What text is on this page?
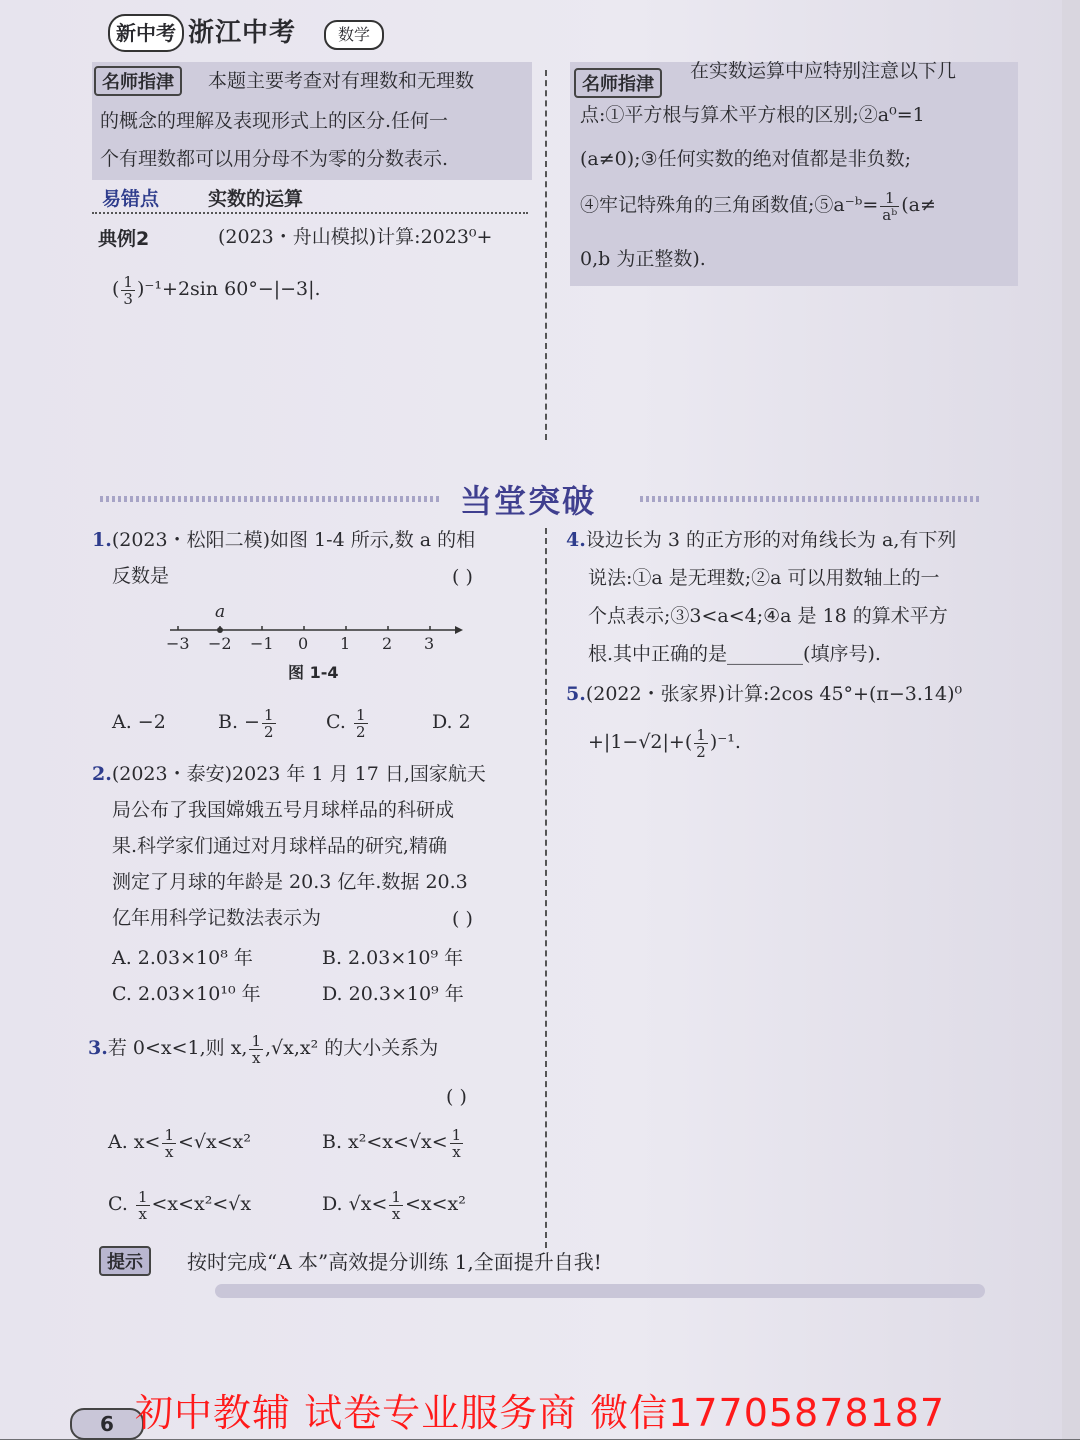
新中考 浙江中考	数学
名师指津	本题主要考查对有理数和无理数
的概念的理解及表现形式上的区分.任何一
个有理数都可以用分母不为零的分数表示.
易错点	实数的运算
典例2	(2023・舟山模拟)计算:2023⁰+
( $\frac{1}{3} )^{-1}+2\sin$ 60°−|−3|.
名师指津
在实数运算中应特别注意以下几
点:①平方根与算术平方根的区别;②a⁰=1
(a≠0);③任何实数的绝对值都是非负数;
④牢记特殊角的三角函数值;⑤a⁻ᵇ= $\frac{1}{\text{aᵇ}} (a\ne$
0,b 为正整数).
当堂突破
1.(2023・松阳二模)如图 1-4 所示,数 a 的相
反数是	( )
a
−3 −2 −1 0 1 2 3
图 1-4
A. −2	B. − $\frac{1}{2}$	C. $\frac{1}{2}$	D. 2
2.(2023・泰安)2023 年 1 月 17 日,国家航天
局公布了我国嫦娥五号月球样品的科研成
果.科学家们通过对月球样品的研究,精确
测定了月球的年龄是 20.3 亿年.数据 20.3
亿年用科学记数法表示为	( )
A. 2.03×10⁸ 年	B. 2.03×10⁹ 年
C. 2.03×10¹⁰ 年	D. 20.3×10⁹ 年
3.若 0<x<1,则 x, $\frac{1}{x} ,√x,x^2$ 的大小关系为
( )
A. $x< \frac{1}{x} <√x<x^2$	B. $x^2<x<√x< \frac{1}{x}$
C. $\frac{1}{x} <x<x^2<√x$	D. $√x< \frac{1}{x} <x<x^2$
4.设边长为 3 的正方形的对角线长为 a,有下列
说法:①a 是无理数;②a 可以用数轴上的一
个点表示;③3<a<4;④a 是 18 的算术平方
根.其中正确的是________(填序号).
5.(2022・张家界)计算:2cos 45°+(π−3.14)⁰
$+|1-√2|+( \frac{1}{2} )^{-1}$.
提示	按时完成“A 本”高效提分训练 1,全面提升自我!
6 初中教辅 试卷专业服务商 微信17705878187
